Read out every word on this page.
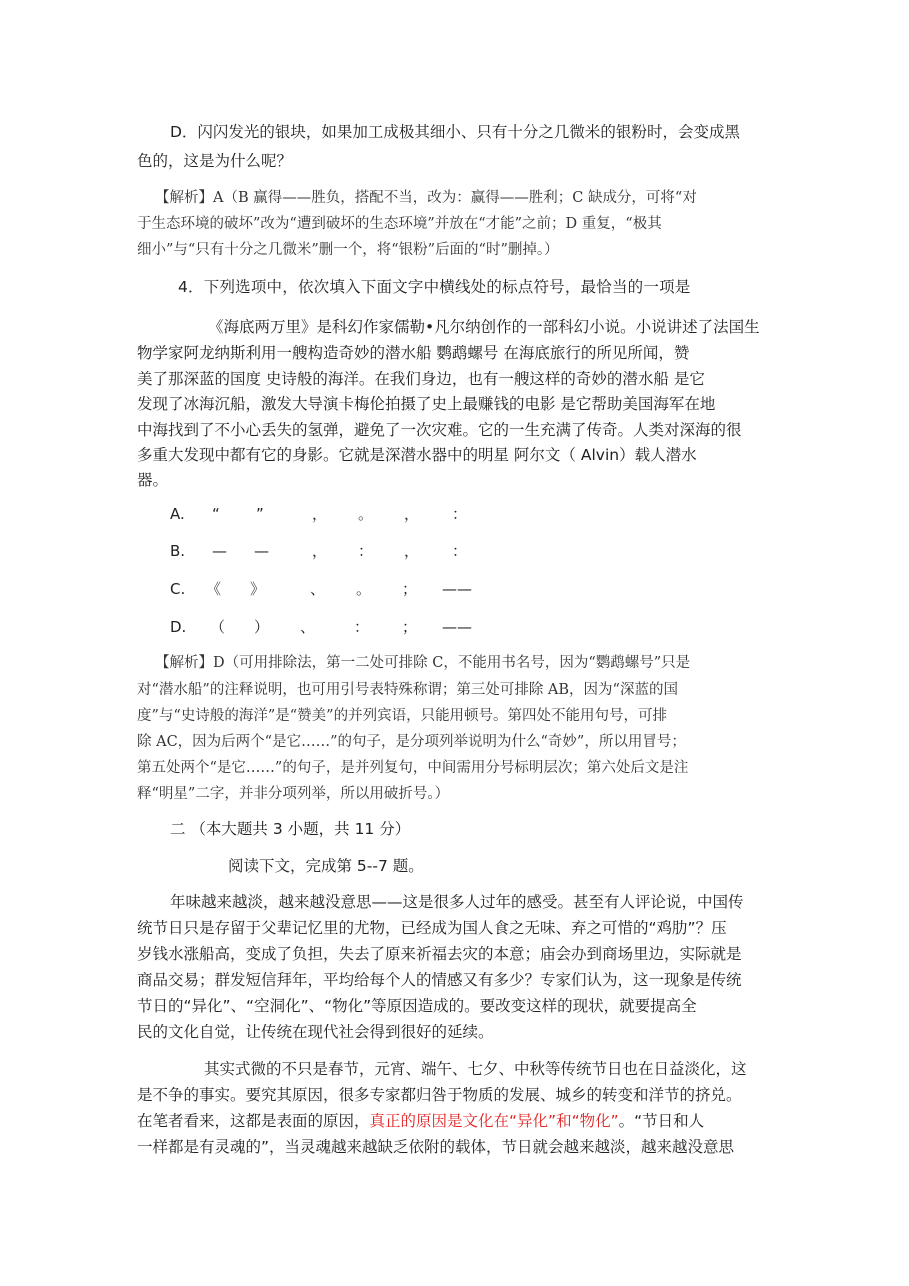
D．闪闪发光的银块，如果加工成极其细小、只有十分之几微米的银粉时，会变成黑
色的，这是为什么呢？
【解析】A（B 赢得——胜负，搭配不当，改为：赢得——胜利；C 缺成分，可将“对
于生态环境的破坏”改为“遭到破坏的生态环境”并放在“才能”之前；D 重复，“极其
细小”与“只有十分之几微米”删一个，将“银粉”后面的“时”删掉。）
4．下列选项中，依次填入下面文字中横线处的标点符号，最恰当的一项是
《海底两万里》是科幻作家儒勒•凡尔纳创作的一部科幻小说。小说讲述了法国生
物学家阿龙纳斯利用一艘构造奇妙的潜水船 鹦鹉螺号 在海底旅行的所见所闻，赞
美了那深蓝的国度 史诗般的海洋。在我们身边，也有一艘这样的奇妙的潜水船 是它
发现了冰海沉船，激发大导演卡梅伦拍摄了史上最赚钱的电影 是它帮助美国海军在地
中海找到了不小心丢失的氢弹，避免了一次灾难。它的一生充满了传奇。人类对深海的很
多重大发现中都有它的身影。它就是深潜水器中的明星 阿尔文（ Alvin）载人潜水
器。
A. “ ”	， 。 ， ：
B. — —	， ： ， ：
C. 《 》	、 。 ； ——
D. （ ） 、	： ； ——
【解析】D（可用排除法，第一二处可排除 C，不能用书名号，因为“鹦鹉螺号”只是
对“潜水船”的注释说明，也可用引号表特殊称谓；第三处可排除 AB，因为“深蓝的国
度”与“史诗般的海洋”是“赞美”的并列宾语，只能用顿号。第四处不能用句号，可排
除 AC，因为后两个“是它……”的句子，是分项列举说明为什么“奇妙”，所以用冒号；
第五处两个“是它……”的句子，是并列复句，中间需用分号标明层次；第六处后文是注
释“明星”二字，并非分项列举，所以用破折号。）
二 （本大题共 3 小题，共 11 分）
阅读下文，完成第 5--7 题。
年味越来越淡，越来越没意思——这是很多人过年的感受。甚至有人评论说，中国传
统节日只是存留于父辈记忆里的尤物，已经成为国人食之无味、弃之可惜的“鸡肋”？压
岁钱水涨船高，变成了负担，失去了原来祈福去灾的本意；庙会办到商场里边，实际就是
商品交易；群发短信拜年，平均给每个人的情感又有多少？专家们认为，这一现象是传统
节日的“异化”、“空洞化”、“物化”等原因造成的。要改变这样的现状，就要提高全
民的文化自觉，让传统在现代社会得到很好的延续。
其实式微的不只是春节，元宵、端午、七夕、中秋等传统节日也在日益淡化，这
是不争的事实。要究其原因，很多专家都归咎于物质的发展、城乡的转变和洋节的挤兑。
在笔者看来，这都是表面的原因，真正的原因是文化在“异化”和“物化”。“节日和人
一样都是有灵魂的”，当灵魂越来越缺乏依附的载体，节日就会越来越淡，越来越没意思
